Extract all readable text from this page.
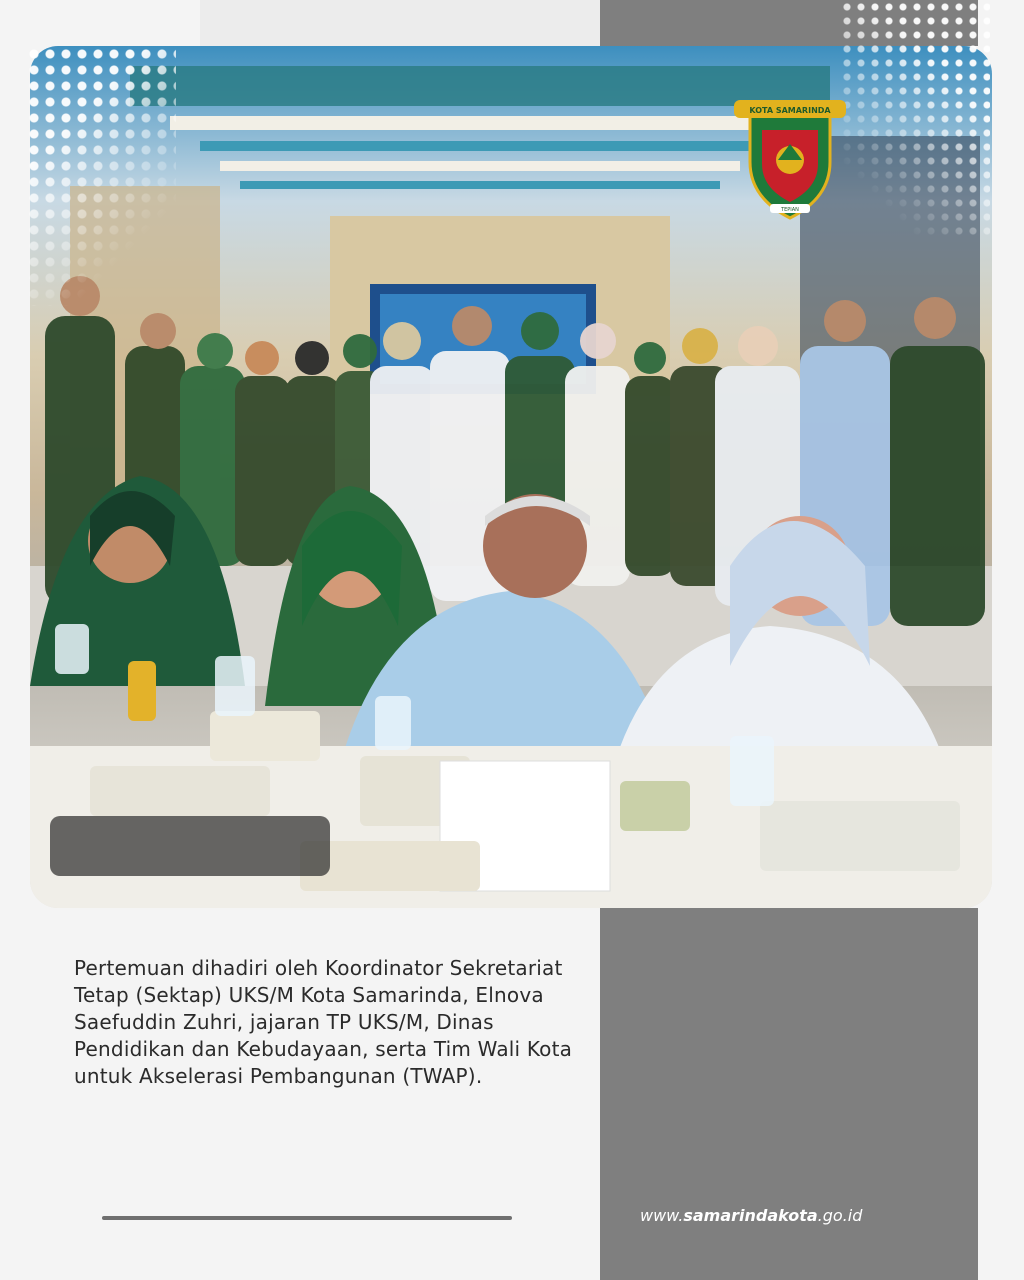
KOTA SAMARINDA
TEPIAN
Pertemuan dihadiri oleh Koordinator Sekretariat Tetap (Sektap) UKS/M Kota Samarinda, Elnova Saefuddin Zuhri, jajaran TP UKS/M, Dinas Pendidikan dan Kebudayaan, serta Tim Wali Kota untuk Akselerasi Pembangunan (TWAP).
www.samarindakota.go.id
